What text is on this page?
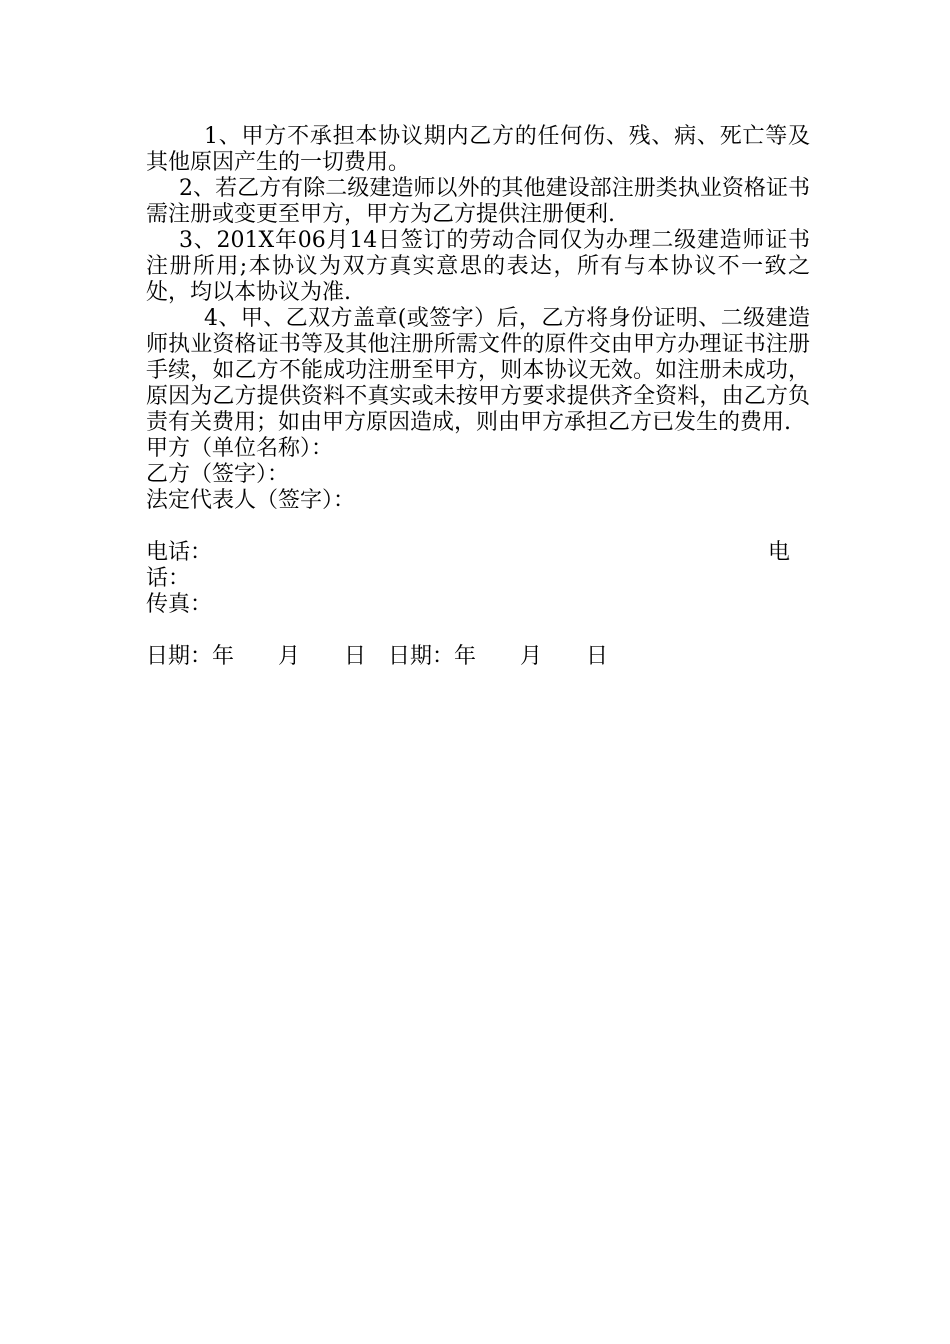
1、甲方不承担本协议期内乙方的任何伤、残、病、死亡等及其他原因产生的一切费用。

2、若乙方有除二级建造师以外的其他建设部注册类执业资格证书需注册或变更至甲方，甲方为乙方提供注册便利.

3、201X年06月14日签订的劳动合同仅为办理二级建造师证书注册所用;本协议为双方真实意思的表达，所有与本协议不一致之处，均以本协议为准.

4、甲、乙双方盖章(或签字）后，乙方将身份证明、二级建造师执业资格证书等及其他注册所需文件的原件交由甲方办理证书注册手续，如乙方不能成功注册至甲方，则本协议无效。如注册未成功，原因为乙方提供资料不真实或未按甲方要求提供齐全资料，由乙方负责有关费用；如由甲方原因造成，则由甲方承担乙方已发生的费用.

甲方（单位名称）：

乙方（签字）：

法定代表人（签字）：

电话：	电

话：

传真：

日期：年　　月　　日　 日期：年　　月　　日
